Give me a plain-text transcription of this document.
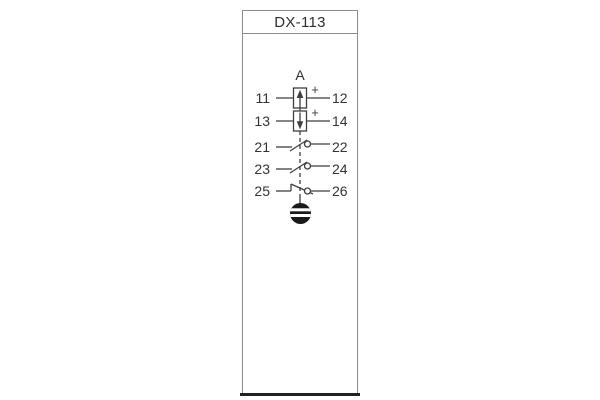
DX-113
A
11	12
13	14
21	22
23	24
25	26
+
+
